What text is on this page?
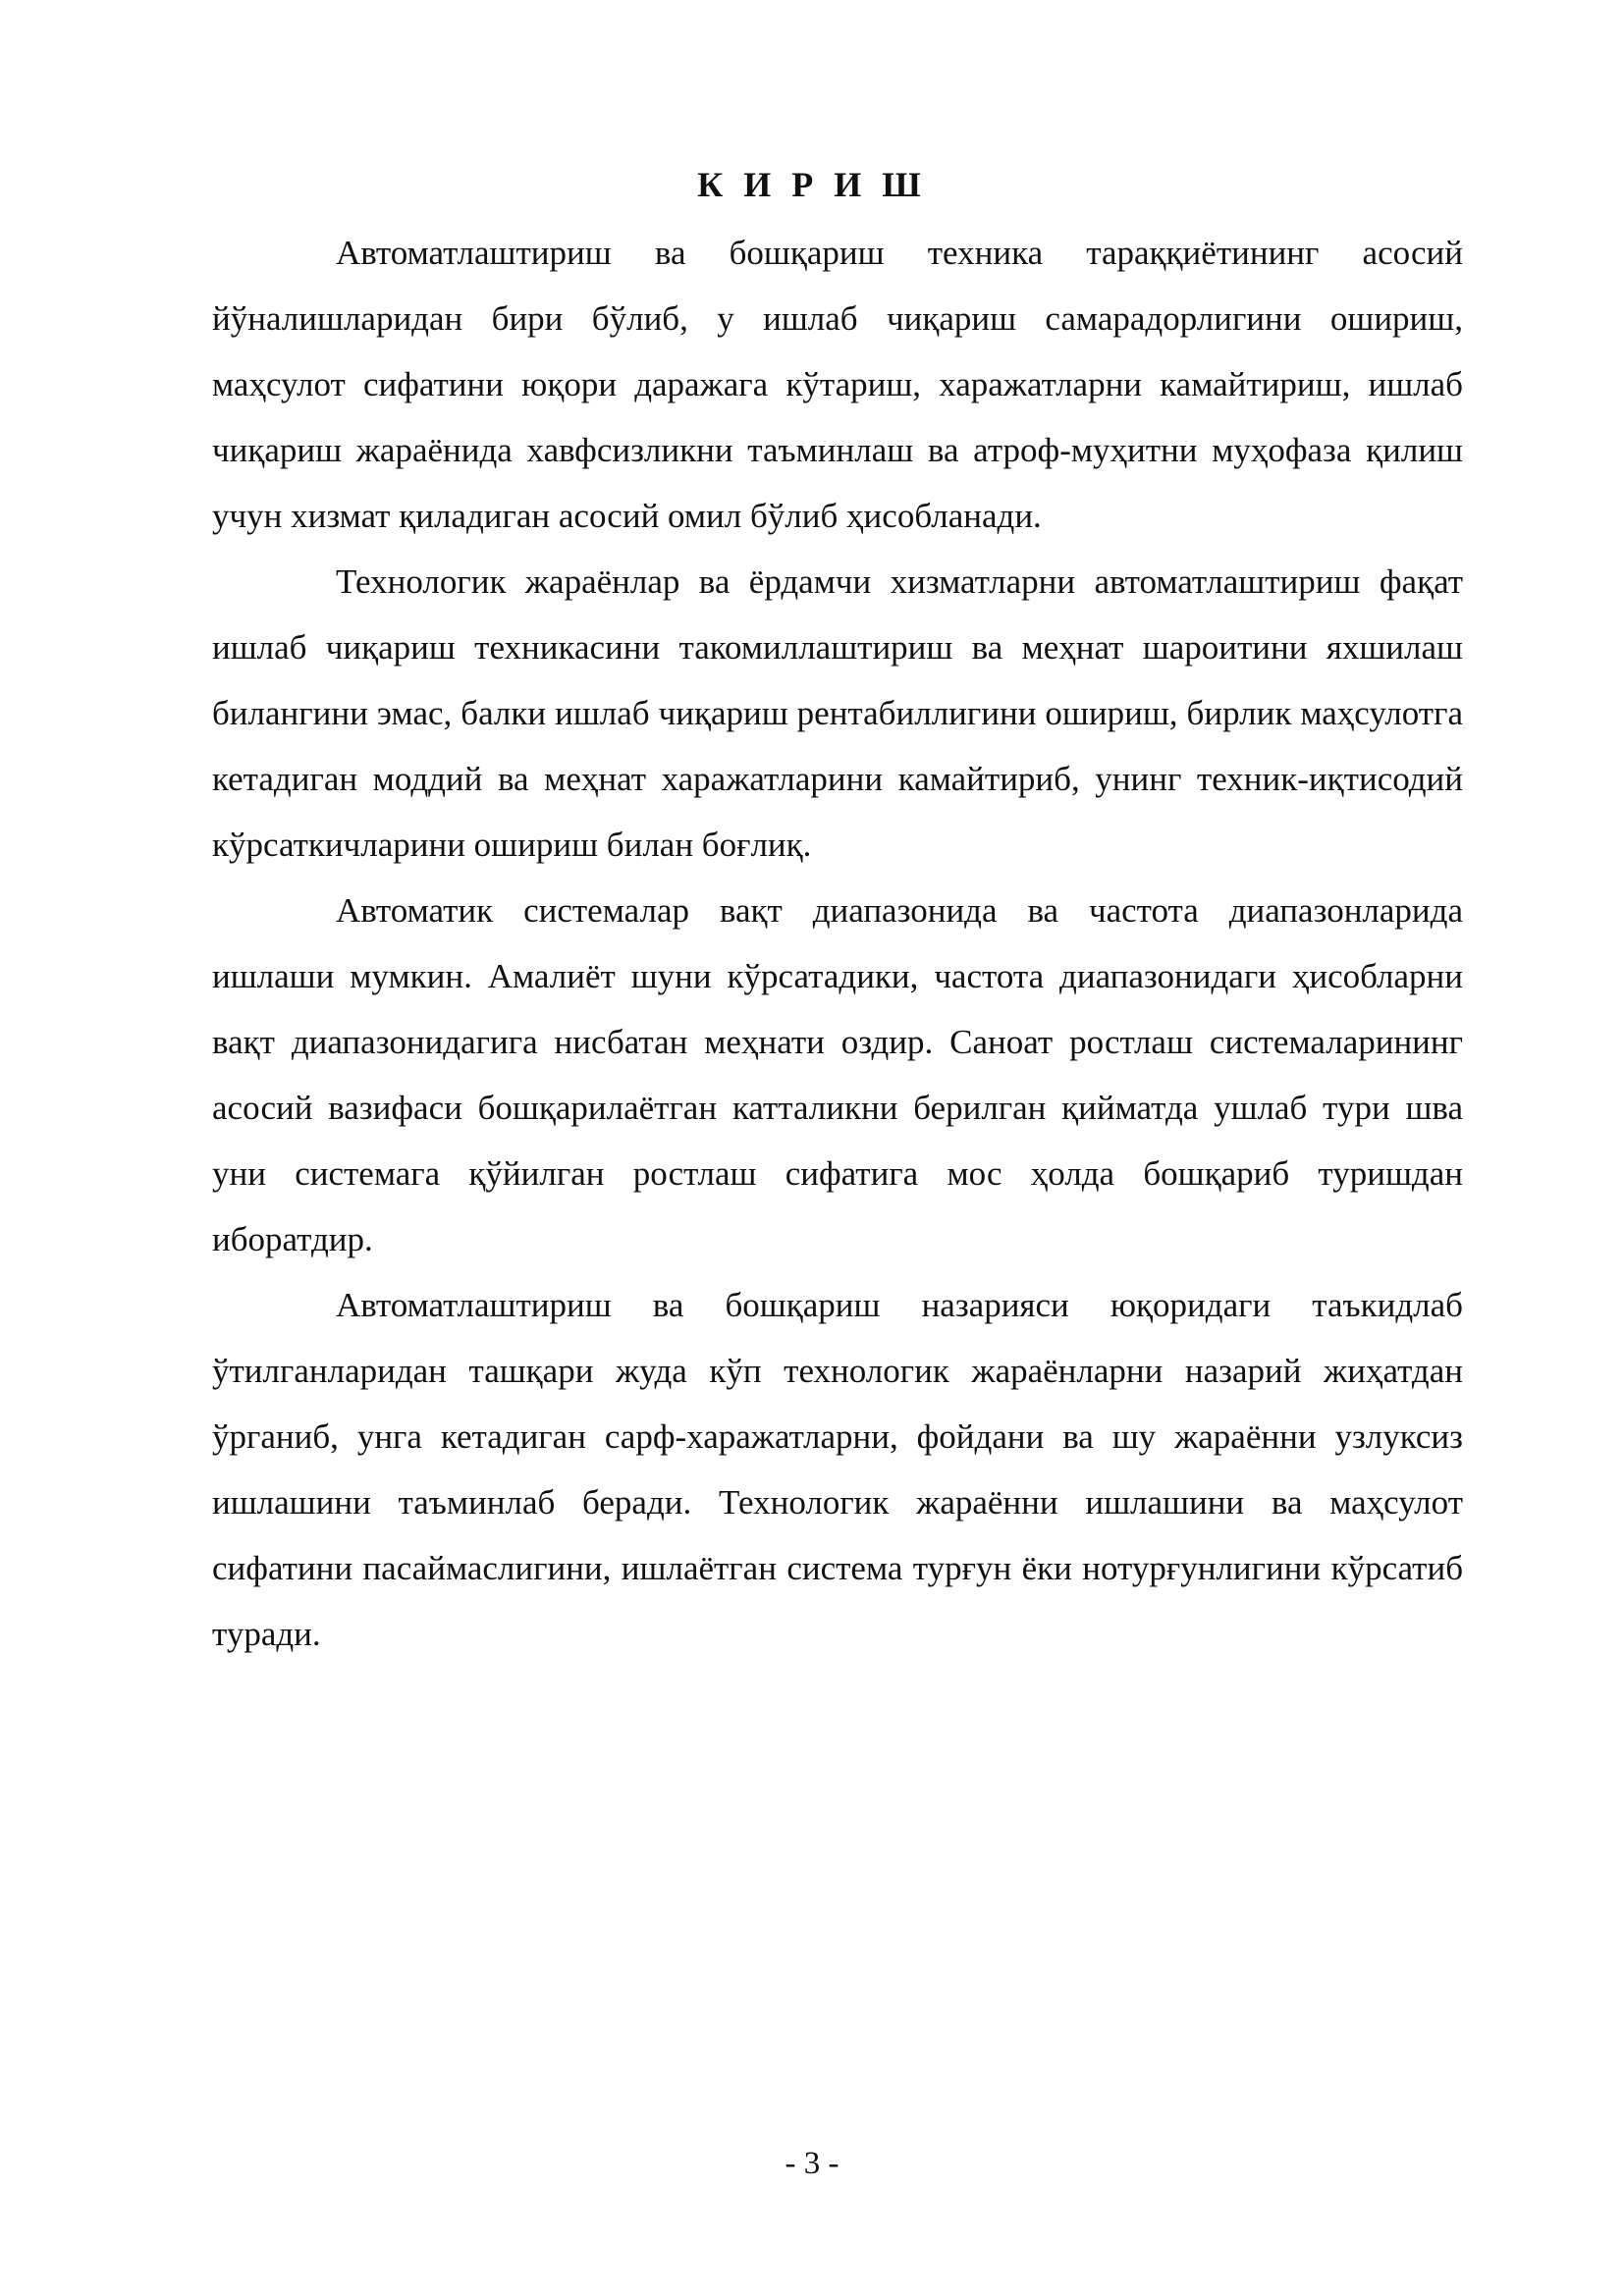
К И Р И Ш

Автоматлаштириш ва бошқариш техника тараққиётининг асосий йўналишларидан бири бўлиб, у ишлаб чиқариш самарадорлигини ошириш, маҳсулот сифатини юқори даражага кўтариш, харажатларни камайтириш, ишлаб чиқариш жараёнида хавфсизликни таъминлаш ва атроф-муҳитни муҳофаза қилиш учун хизмат қиладиган асосий омил бўлиб ҳисобланади.

Технологик жараёнлар ва ёрдамчи хизматларни автоматлаштириш фақат ишлаб чиқариш техникасини такомиллаштириш ва меҳнат шароитини яхшилаш билангини эмас, балки ишлаб чиқариш рентабиллигини ошириш, бирлик маҳсулотга кетадиган моддий ва меҳнат харажатларини камайтириб, унинг техник-иқтисодий кўрсаткичларини ошириш билан боғлиқ.

Автоматик системалар вақт диапазонида ва частота диапазонларида ишлаши мумкин. Амалиёт шуни кўрсатадики, частота диапазонидаги ҳисобларни вақт диапазонидагига нисбатан меҳнати оздир. Саноат ростлаш системаларининг асосий вазифаси бошқарилаётган катталикни берилган қийматда ушлаб тури шва уни системага қўйилган ростлаш сифатига мос ҳолда бошқариб туришдан иборатдир.

Автоматлаштириш ва бошқариш назарияси юқоридаги таъкидлаб ўтилганларидан ташқари жуда кўп технологик жараёнларни назарий жиҳатдан ўрганиб, унга кетадиган сарф-харажатларни, фойдани ва шу жараённи узлуксиз ишлашини таъминлаб беради. Технологик жараённи ишлашини ва маҳсулот сифатини пасаймаслигини, ишлаётган система турғун ёки нотурғунлигини кўрсатиб туради.

- 3 -
